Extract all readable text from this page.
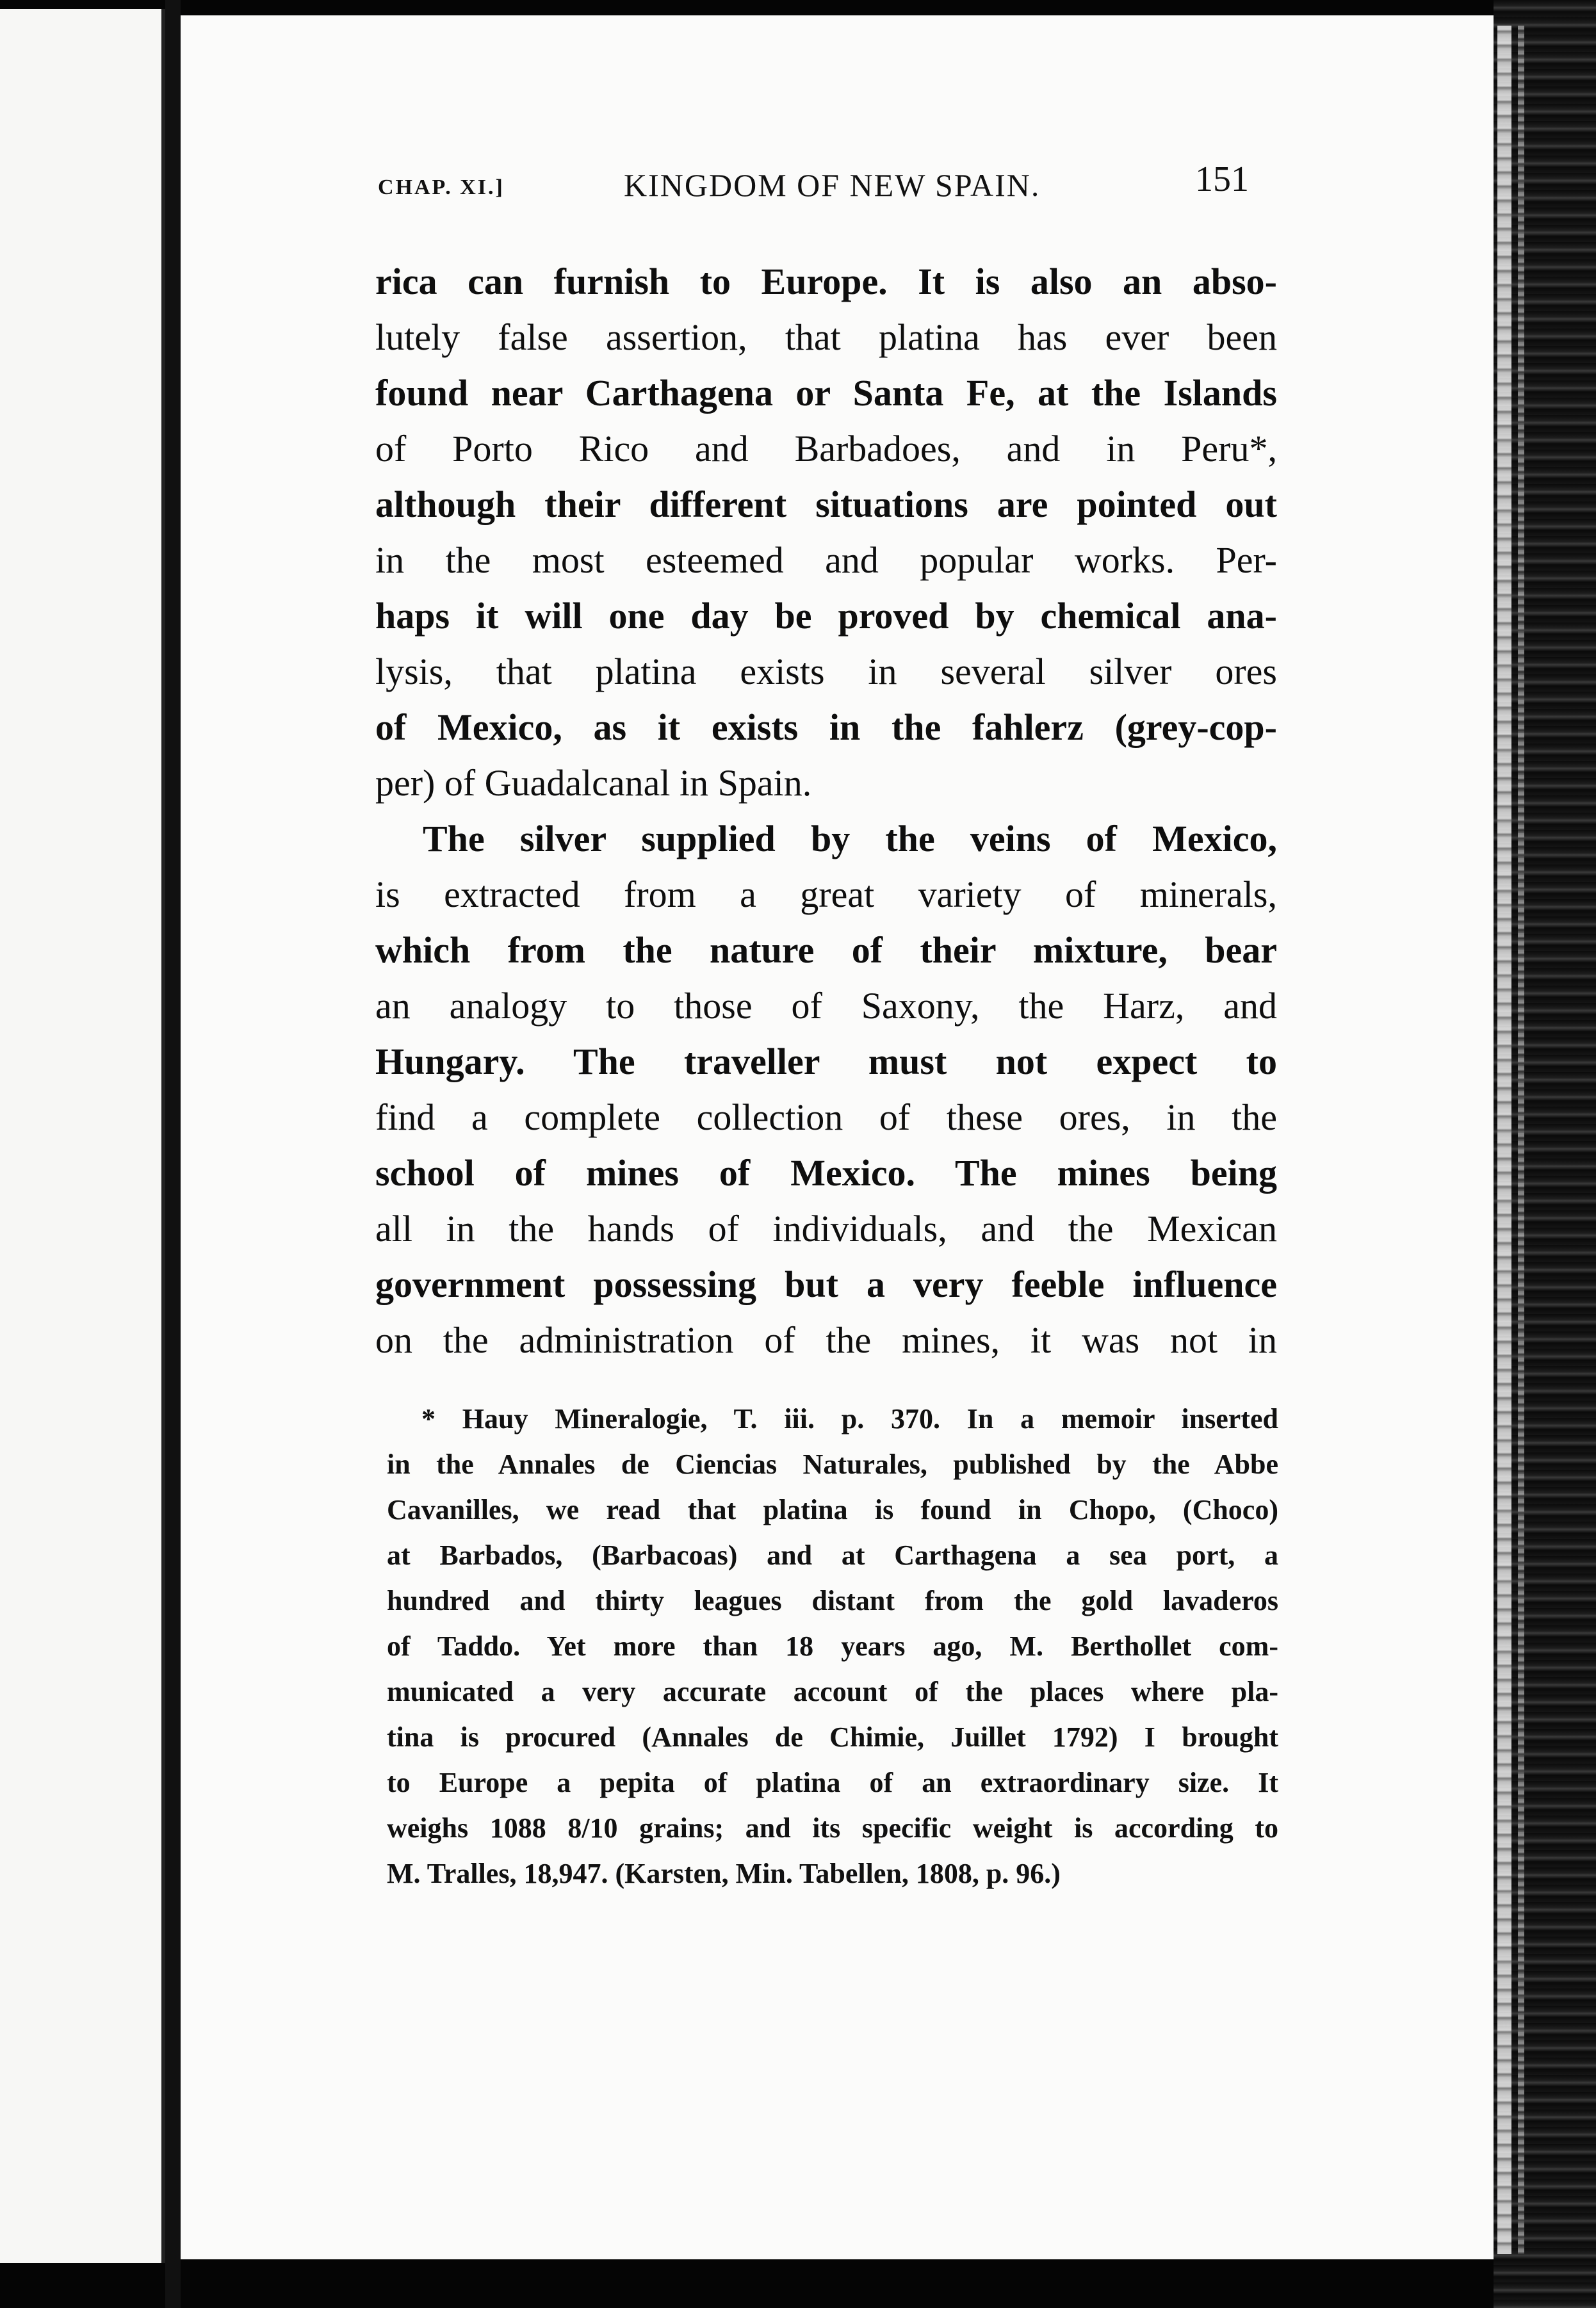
CHAP. XI.]	KINGDOM OF NEW SPAIN.	151
rica can furnish to Europe. It is also an abso-
lutely false assertion, that platina has ever been
found near Carthagena or Santa Fe, at the Islands
of Porto Rico and Barbadoes, and in Peru*,
although their different situations are pointed out
in the most esteemed and popular works. Per-
haps it will one day be proved by chemical ana-
lysis, that platina exists in several silver ores
of Mexico, as it exists in the fahlerz (grey-cop-
per) of Guadalcanal in Spain.
The silver supplied by the veins of Mexico,
is extracted from a great variety of minerals,
which from the nature of their mixture, bear
an analogy to those of Saxony, the Harz, and
Hungary. The traveller must not expect to
find a complete collection of these ores, in the
school of mines of Mexico. The mines being
all in the hands of individuals, and the Mexican
government possessing but a very feeble influence
on the administration of the mines, it was not in
* Hauy Mineralogie, T. iii. p. 370. In a memoir inserted
in the Annales de Ciencias Naturales, published by the Abbe
Cavanilles, we read that platina is found in Chopo, (Choco)
at Barbados, (Barbacoas) and at Carthagena a sea port, a
hundred and thirty leagues distant from the gold lavaderos
of Taddo. Yet more than 18 years ago, M. Berthollet com-
municated a very accurate account of the places where pla-
tina is procured (Annales de Chimie, Juillet 1792) I brought
to Europe a pepita of platina of an extraordinary size. It
weighs 1088 8/10 grains; and its specific weight is according to
M. Tralles, 18,947. (Karsten, Min. Tabellen, 1808, p. 96.)
